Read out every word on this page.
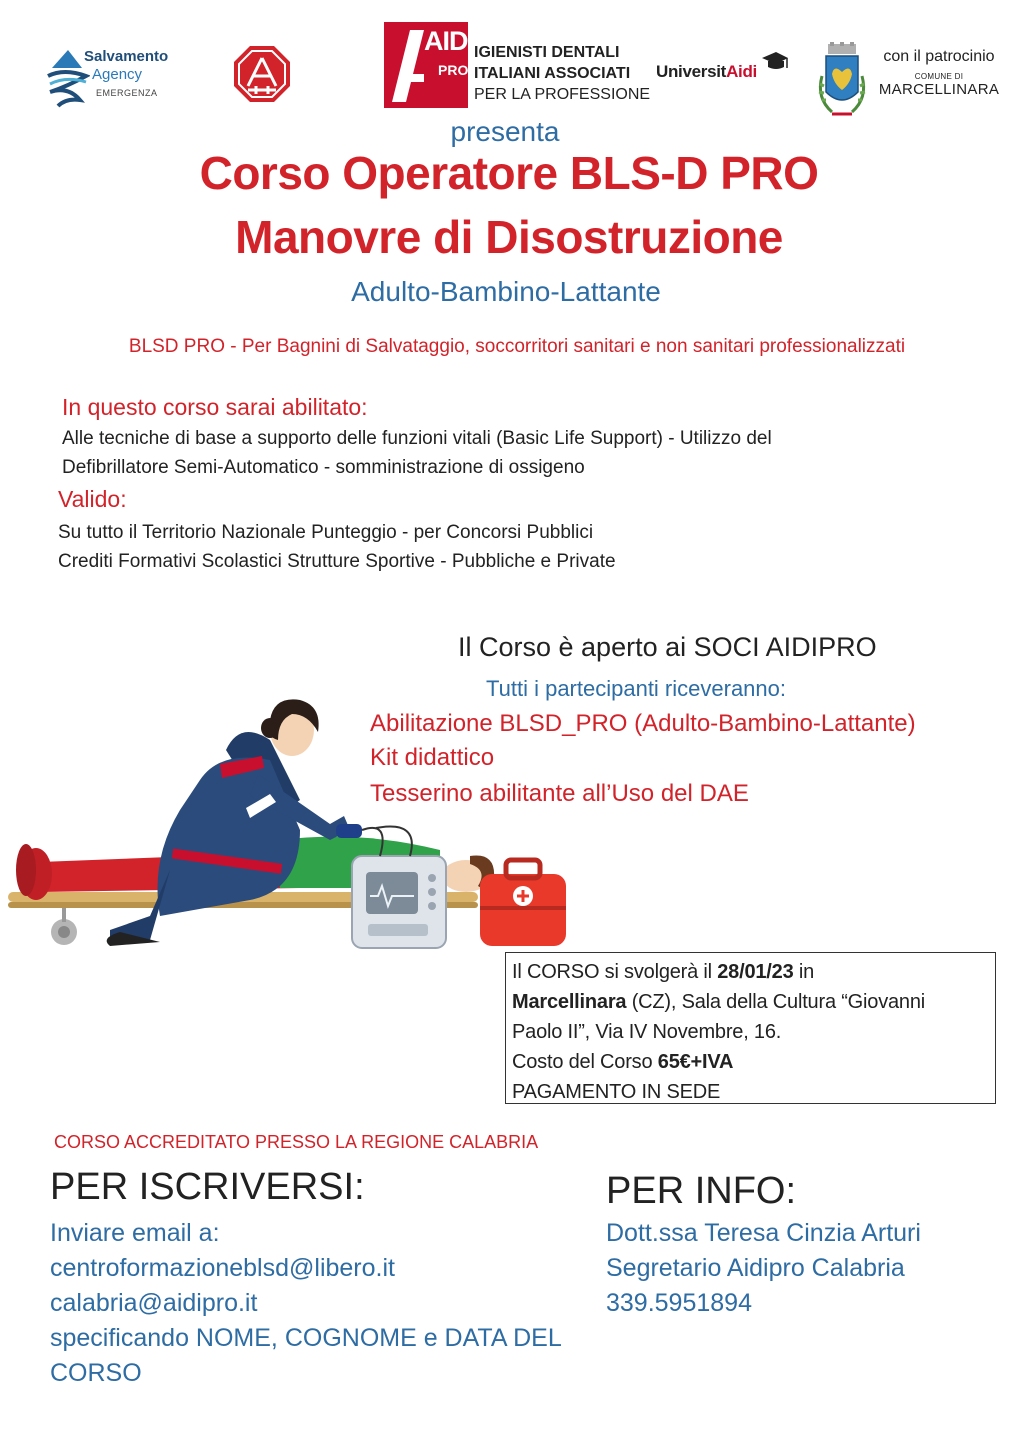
Salvamento
Agency
EMERGENZA
AIDI
PRO
IGIENISTI DENTALI
ITALIANI ASSOCIATI
PER LA PROFESSIONE
UniversitAidi
con il patrocinio
COMUNE DI
MARCELLINARA
presenta
Corso Operatore BLS-D PRO
Manovre di Disostruzione
Adulto-Bambino-Lattante
BLSD PRO - Per Bagnini di Salvataggio, soccorritori sanitari e non sanitari professionalizzati
In questo corso sarai abilitato:
Alle tecniche di base a supporto delle funzioni vitali (Basic Life Support) - Utilizzo del
Defibrillatore Semi-Automatico - somministrazione di ossigeno
Valido:
Su tutto il Territorio Nazionale Punteggio - per Concorsi Pubblici
Crediti Formativi Scolastici Strutture Sportive - Pubbliche e Private
Il Corso è aperto ai SOCI AIDIPRO
Tutti i partecipanti riceveranno:
Abilitazione BLSD_PRO (Adulto-Bambino-Lattante)
Kit didattico
Tesserino abilitante all’Uso del DAE
Il CORSO si svolgerà il 28/01/23 in
Marcellinara (CZ), Sala della Cultura “Giovanni
Paolo II”, Via IV Novembre, 16.
Costo del Corso 65€+IVA
PAGAMENTO IN SEDE
CORSO ACCREDITATO PRESSO LA REGIONE CALABRIA
PER ISCRIVERSI:
Inviare email a:
centroformazioneblsd@libero.it
calabria@aidipro.it
specificando NOME, COGNOME e DATA DEL
CORSO
PER INFO:
Dott.ssa Teresa Cinzia Arturi
Segretario Aidipro Calabria
339.5951894
